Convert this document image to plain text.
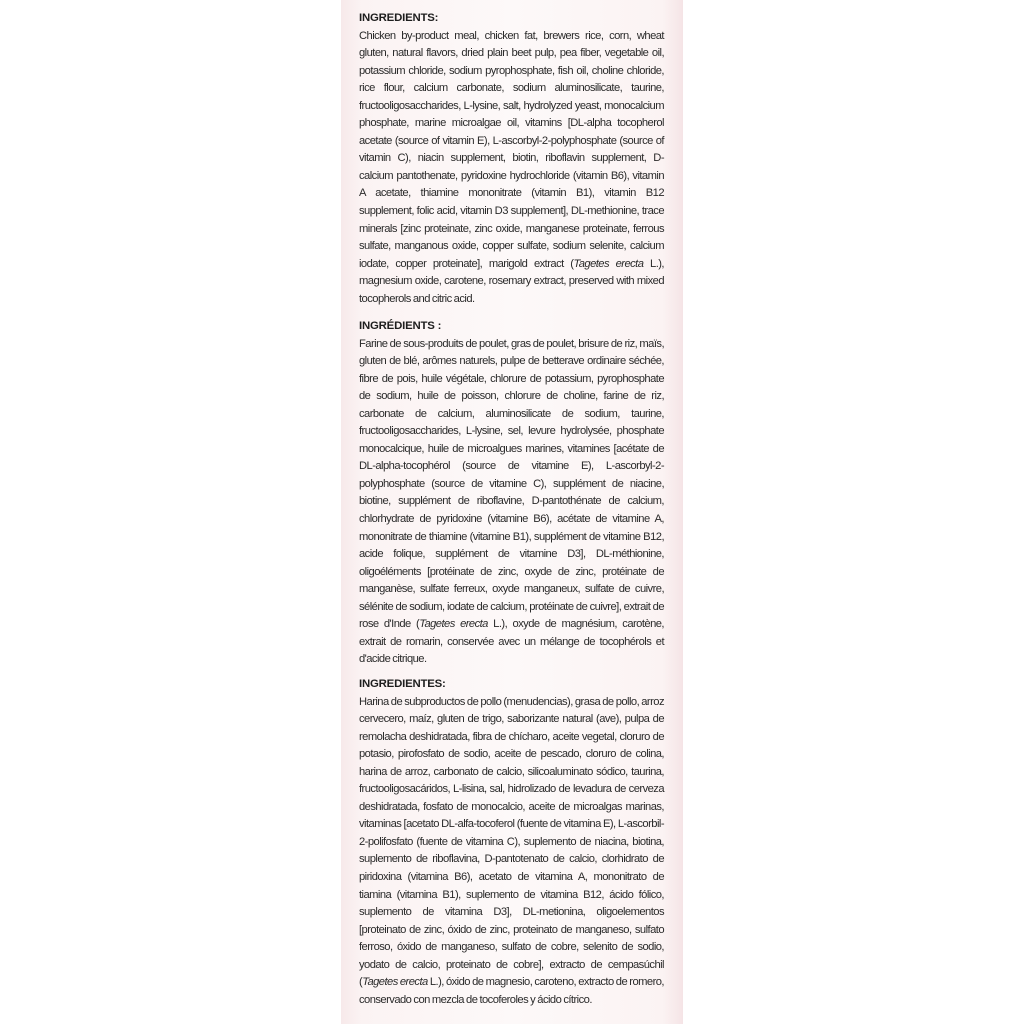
INGREDIENTS:

Chicken by-product meal, chicken fat, brewers rice, corn, wheat gluten, natural flavors, dried plain beet pulp, pea fiber, vegetable oil, potassium chloride, sodium pyrophosphate, fish oil, choline chloride, rice flour, calcium carbonate, sodium aluminosilicate, taurine, fructooligosaccharides, L-lysine, salt, hydrolyzed yeast, monocalcium phosphate, marine microalgae oil, vitamins [DL-alpha tocopherol acetate (source of vitamin E), L-ascorbyl-2-polyphosphate (source of vitamin C), niacin supplement, biotin, riboflavin supplement, D-calcium pantothenate, pyridoxine hydrochloride (vitamin B6), vitamin A acetate, thiamine mononitrate (vitamin B1), vitamin B12 supplement, folic acid, vitamin D3 supplement], DL-methionine, trace minerals [zinc proteinate, zinc oxide, manganese proteinate, ferrous sulfate, manganous oxide, copper sulfate, sodium selenite, calcium iodate, copper proteinate], marigold extract (Tagetes erecta L.), magnesium oxide, carotene, rosemary extract, preserved with mixed tocopherols and citric acid.

INGRÉDIENTS :

Farine de sous-produits de poulet, gras de poulet, brisure de riz, maïs, gluten de blé, arômes naturels, pulpe de betterave ordinaire séchée, fibre de pois, huile végétale, chlorure de potassium, pyrophosphate de sodium, huile de poisson, chlorure de choline, farine de riz, carbonate de calcium, aluminosilicate de sodium, taurine, fructooligosaccharides, L-lysine, sel, levure hydrolysée, phosphate monocalcique, huile de microalgues marines, vitamines [acétate de DL-alpha-tocophérol (source de vitamine E), L-ascorbyl-2-polyphosphate (source de vitamine C), supplément de niacine, biotine, supplément de riboflavine, D-pantothénate de calcium, chlorhydrate de pyridoxine (vitamine B6), acétate de vitamine A, mononitrate de thiamine (vitamine B1), supplément de vitamine B12, acide folique, supplément de vitamine D3], DL-méthionine, oligoéléments [protéinate de zinc, oxyde de zinc, protéinate de manganèse, sulfate ferreux, oxyde manganeux, sulfate de cuivre, sélénite de sodium, iodate de calcium, protéinate de cuivre], extrait de rose d'Inde (Tagetes erecta L.), oxyde de magnésium, carotène, extrait de romarin, conservée avec un mélange de tocophérols et d'acide citrique.

INGREDIENTES:

Harina de subproductos de pollo (menudencias), grasa de pollo, arroz cervecero, maíz, gluten de trigo, saborizante natural (ave), pulpa de remolacha deshidratada, fibra de chícharo, aceite vegetal, cloruro de potasio, pirofosfato de sodio, aceite de pescado, cloruro de colina, harina de arroz, carbonato de calcio, silicoaluminato sódico, taurina, fructooligosacáridos, L-lisina, sal, hidrolizado de levadura de cerveza deshidratada, fosfato de monocalcio, aceite de microalgas marinas, vitaminas [acetato DL-alfa-tocoferol (fuente de vitamina E), L-ascorbil-2-polifosfato (fuente de vitamina C), suplemento de niacina, biotina, suplemento de riboflavina, D-pantotenato de calcio, clorhidrato de piridoxina (vitamina B6), acetato de vitamina A, mononitrato de tiamina (vitamina B1), suplemento de vitamina B12, ácido fólico, suplemento de vitamina D3], DL-metionina, oligoelementos [proteinato de zinc, óxido de zinc, proteinato de manganeso, sulfato ferroso, óxido de manganeso, sulfato de cobre, selenito de sodio, yodato de calcio, proteinato de cobre], extracto de cempasúchil (Tagetes erecta L.), óxido de magnesio, caroteno, extracto de romero, conservado con mezcla de tocoferoles y ácido cítrico.
